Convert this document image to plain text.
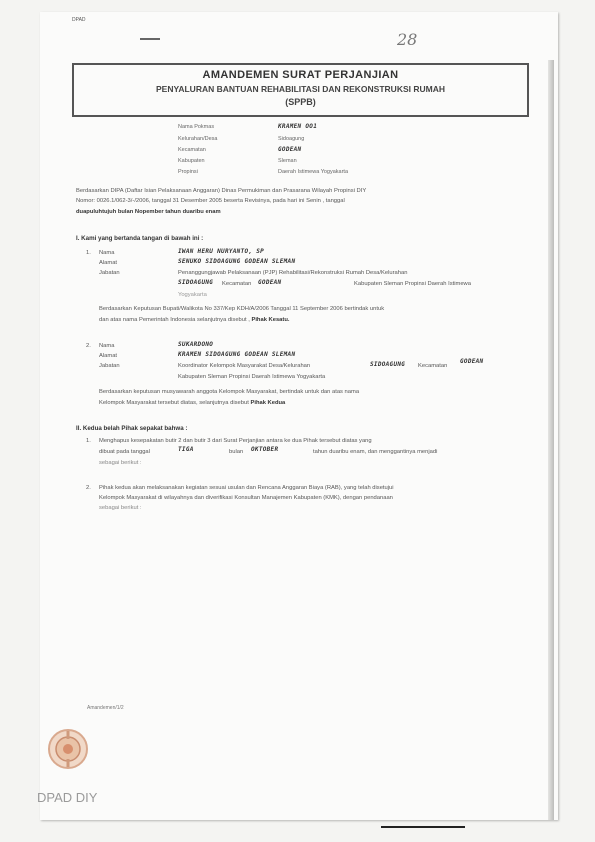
DPAD
28
AMANDEMEN SURAT PERJANJIAN
PENYALURAN BANTUAN REHABILITASI DAN REKONSTRUKSI RUMAH
(SPPB)
Nama Pokmas	KRAMEN OO1
Kelurahan/Desa	Sidoagung
Kecamatan	GODEAN
Kabupaten	Sleman
Propinsi	Daerah Istimewa Yogyakarta
Berdasarkan DIPA (Daftar Isian Pelaksanaan Anggaran) Dinas Permukiman dan Prasarana Wilayah Propinsi DIY
Nomor: 0026.1/062-3/-/2006, tanggal 31 Desember 2005 beserta Revisinya, pada hari ini Senin , tanggal
duapuluhtujuh bulan Nopember tahun duaribu enam
I. Kami yang bertanda tangan di bawah ini :
1. Nama	IWAN HERU NURYANTO, SP
Alamat	SENUKO SIDOAGUNG GODEAN SLEMAN
Jabatan	Penanggungjawab Pelaksanaan (PJP) Rehabilitasi/Rekonstruksi Rumah Desa/Kelurahan
SIDOAGUNG Kecamatan GODEAN	Kabupaten Sleman Propinsi Daerah Istimewa
Yogyakarta
Berdasarkan Keputusan Bupati/Walikota No 337/Kep KDH/A/2006 Tanggal 11 September 2006 bertindak untuk
dan atas nama Pemerintah Indonesia selanjutnya disebut , Pihak Kesatu.
2. Nama	SUKARDONO
Alamat	KRAMEN SIDOAGUNG GODEAN SLEMAN
Jabatan	Koordinator Kelompok Masyarakat Desa/Kelurahan	SIDOAGUNG Kecamatan
GODEAN
Kabupaten Sleman Propinsi Daerah Istimewa Yogyakarta
Berdasarkan keputusan musyawarah anggota Kelompok Masyarakat, bertindak untuk dan atas nama
Kelompok Masyarakat tersebut diatas, selanjutnya disebut Pihak Kedua
II. Kedua belah Pihak sepakat bahwa :
1. Menghapus kesepakatan butir 2 dan butir 3 dari Surat Perjanjian antara ke dua Pihak tersebut diatas yang
dibuat pada tanggal	TIGA	bulan OKTOBER	tahun duaribu enam, dan menggantinya menjadi
sebagai berikut :
2. Pihak kedua akan melaksanakan kegiatan sesuai usulan dan Rencana Anggaran Biaya (RAB), yang telah disetujui
Kelompok Masyarakat di wilayahnya dan diverifikasi Konsultan Manajemen Kabupaten (KMK), dengan pendanaan
sebagai berikut :
Amandemen/1/2
DPAD DIY
